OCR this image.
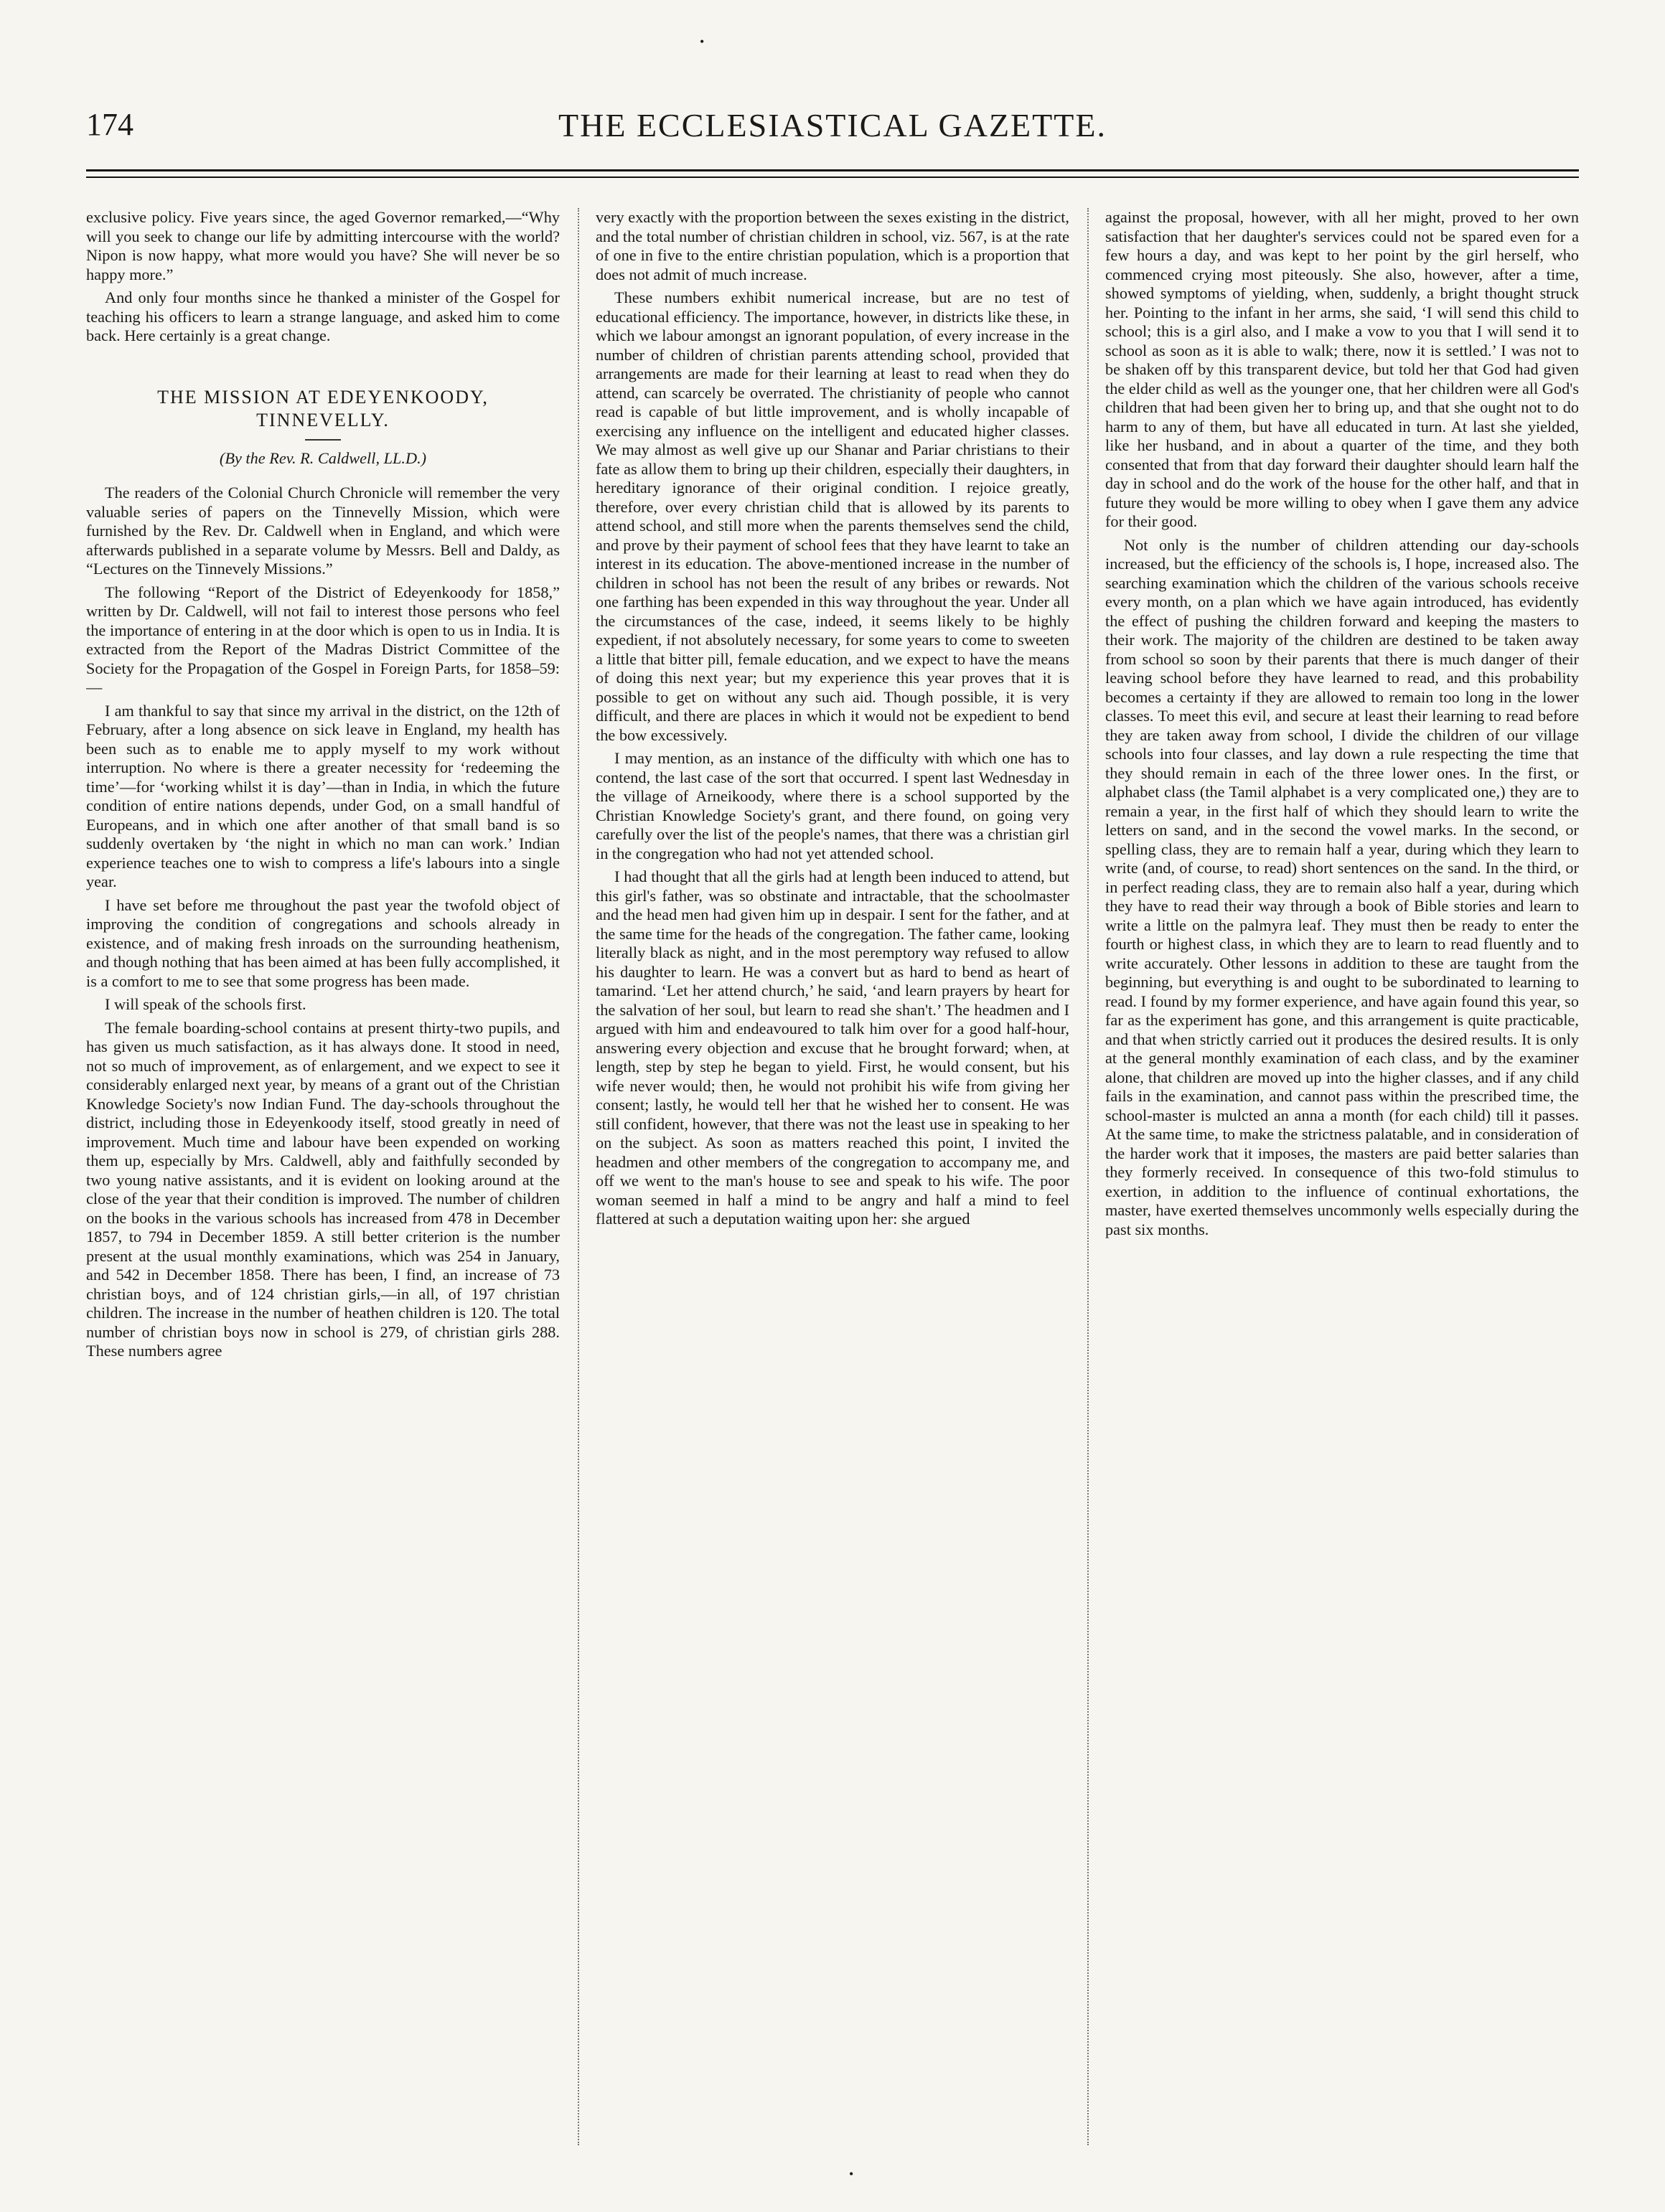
•
174	THE ECCLESIASTICAL GAZETTE.

exclusive policy. Five years since, the aged Governor remarked,—“Why will you seek to change our life by admitting intercourse with the world? Nipon is now happy, what more would you have? She will never be so happy more.”

And only four months since he thanked a minister of the Gospel for teaching his officers to learn a strange language, and asked him to come back. Here certainly is a great change.

THE MISSION AT EDEYENKOODY,
TINNEVELLY.

(By the Rev. R. Caldwell, LL.D.)

The readers of the Colonial Church Chronicle will remember the very valuable series of papers on the Tinnevelly Mission, which were furnished by the Rev. Dr. Caldwell when in England, and which were afterwards published in a separate volume by Messrs. Bell and Daldy, as “Lectures on the Tinnevely Missions.”

The following “Report of the District of Edeyenkoody for 1858,” written by Dr. Caldwell, will not fail to interest those persons who feel the importance of entering in at the door which is open to us in India. It is extracted from the Report of the Madras District Committee of the Society for the Propagation of the Gospel in Foreign Parts, for 1858–59:—

I am thankful to say that since my arrival in the district, on the 12th of February, after a long absence on sick leave in England, my health has been such as to enable me to apply myself to my work without interruption. No where is there a greater necessity for ‘redeeming the time’—for ‘working whilst it is day’—than in India, in which the future condition of entire nations depends, under God, on a small handful of Europeans, and in which one after another of that small band is so suddenly overtaken by ‘the night in which no man can work.’ Indian experience teaches one to wish to compress a life's labours into a single year.

I have set before me throughout the past year the twofold object of improving the condition of congregations and schools already in existence, and of making fresh inroads on the surrounding heathenism, and though nothing that has been aimed at has been fully accomplished, it is a comfort to me to see that some progress has been made.

I will speak of the schools first.

The female boarding-school contains at present thirty-two pupils, and has given us much satisfaction, as it has always done. It stood in need, not so much of improvement, as of enlargement, and we expect to see it considerably enlarged next year, by means of a grant out of the Christian Knowledge Society's now Indian Fund. The day-schools throughout the district, including those in Edeyenkoody itself, stood greatly in need of improvement. Much time and labour have been expended on working them up, especially by Mrs. Caldwell, ably and faithfully seconded by two young native assistants, and it is evident on looking around at the close of the year that their condition is improved. The number of children on the books in the various schools has increased from 478 in December 1857, to 794 in December 1859. A still better criterion is the number present at the usual monthly examinations, which was 254 in January, and 542 in December 1858. There has been, I find, an increase of 73 christian boys, and of 124 christian girls,—in all, of 197 christian children. The increase in the number of heathen children is 120. The total number of christian boys now in school is 279, of christian girls 288. These numbers agree

very exactly with the proportion between the sexes existing in the district, and the total number of christian children in school, viz. 567, is at the rate of one in five to the entire christian population, which is a proportion that does not admit of much increase.

These numbers exhibit numerical increase, but are no test of educational efficiency. The importance, however, in districts like these, in which we labour amongst an ignorant population, of every increase in the number of children of christian parents attending school, provided that arrangements are made for their learning at least to read when they do attend, can scarcely be overrated. The christianity of people who cannot read is capable of but little improvement, and is wholly incapable of exercising any influence on the intelligent and educated higher classes. We may almost as well give up our Shanar and Pariar christians to their fate as allow them to bring up their children, especially their daughters, in hereditary ignorance of their original condition. I rejoice greatly, therefore, over every christian child that is allowed by its parents to attend school, and still more when the parents themselves send the child, and prove by their payment of school fees that they have learnt to take an interest in its education. The above-mentioned increase in the number of children in school has not been the result of any bribes or rewards. Not one farthing has been expended in this way throughout the year. Under all the circumstances of the case, indeed, it seems likely to be highly expedient, if not absolutely necessary, for some years to come to sweeten a little that bitter pill, female education, and we expect to have the means of doing this next year; but my experience this year proves that it is possible to get on without any such aid. Though possible, it is very difficult, and there are places in which it would not be expedient to bend the bow excessively.

I may mention, as an instance of the difficulty with which one has to contend, the last case of the sort that occurred. I spent last Wednesday in the village of Arneikoody, where there is a school supported by the Christian Knowledge Society's grant, and there found, on going very carefully over the list of the people's names, that there was a christian girl in the congregation who had not yet attended school.

I had thought that all the girls had at length been induced to attend, but this girl's father, was so obstinate and intractable, that the schoolmaster and the head men had given him up in despair. I sent for the father, and at the same time for the heads of the congregation. The father came, looking literally black as night, and in the most peremptory way refused to allow his daughter to learn. He was a convert but as hard to bend as heart of tamarind. ‘Let her attend church,’ he said, ‘and learn prayers by heart for the salvation of her soul, but learn to read she shan't.’ The headmen and I argued with him and endeavoured to talk him over for a good half-hour, answering every objection and excuse that he brought forward; when, at length, step by step he began to yield. First, he would consent, but his wife never would; then, he would not prohibit his wife from giving her consent; lastly, he would tell her that he wished her to consent. He was still confident, however, that there was not the least use in speaking to her on the subject. As soon as matters reached this point, I invited the headmen and other members of the congregation to accompany me, and off we went to the man's house to see and speak to his wife. The poor woman seemed in half a mind to be angry and half a mind to feel flattered at such a deputation waiting upon her: she argued

against the proposal, however, with all her might, proved to her own satisfaction that her daughter's services could not be spared even for a few hours a day, and was kept to her point by the girl herself, who commenced crying most piteously. She also, however, after a time, showed symptoms of yielding, when, suddenly, a bright thought struck her. Pointing to the infant in her arms, she said, ‘I will send this child to school; this is a girl also, and I make a vow to you that I will send it to school as soon as it is able to walk; there, now it is settled.’ I was not to be shaken off by this transparent device, but told her that God had given the elder child as well as the younger one, that her children were all God's children that had been given her to bring up, and that she ought not to do harm to any of them, but have all educated in turn. At last she yielded, like her husband, and in about a quarter of the time, and they both consented that from that day forward their daughter should learn half the day in school and do the work of the house for the other half, and that in future they would be more willing to obey when I gave them any advice for their good.

Not only is the number of children attending our day-schools increased, but the efficiency of the schools is, I hope, increased also. The searching examination which the children of the various schools receive every month, on a plan which we have again introduced, has evidently the effect of pushing the children forward and keeping the masters to their work. The majority of the children are destined to be taken away from school so soon by their parents that there is much danger of their leaving school before they have learned to read, and this probability becomes a certainty if they are allowed to remain too long in the lower classes. To meet this evil, and secure at least their learning to read before they are taken away from school, I divide the children of our village schools into four classes, and lay down a rule respecting the time that they should remain in each of the three lower ones. In the first, or alphabet class (the Tamil alphabet is a very complicated one,) they are to remain a year, in the first half of which they should learn to write the letters on sand, and in the second the vowel marks. In the second, or spelling class, they are to remain half a year, during which they learn to write (and, of course, to read) short sentences on the sand. In the third, or in perfect reading class, they are to remain also half a year, during which they have to read their way through a book of Bible stories and learn to write a little on the palmyra leaf. They must then be ready to enter the fourth or highest class, in which they are to learn to read fluently and to write accurately. Other lessons in addition to these are taught from the beginning, but everything is and ought to be subordinated to learning to read. I found by my former experience, and have again found this year, so far as the experiment has gone, and this arrangement is quite practicable, and that when strictly carried out it produces the desired results. It is only at the general monthly examination of each class, and by the examiner alone, that children are moved up into the higher classes, and if any child fails in the examination, and cannot pass within the prescribed time, the school-master is mulcted an anna a month (for each child) till it passes. At the same time, to make the strictness palatable, and in consideration of the harder work that it imposes, the masters are paid better salaries than they formerly received. In consequence of this two-fold stimulus to exertion, in addition to the influence of continual exhortations, the master, have exerted themselves uncommonly wells especially during the past six months.

•
